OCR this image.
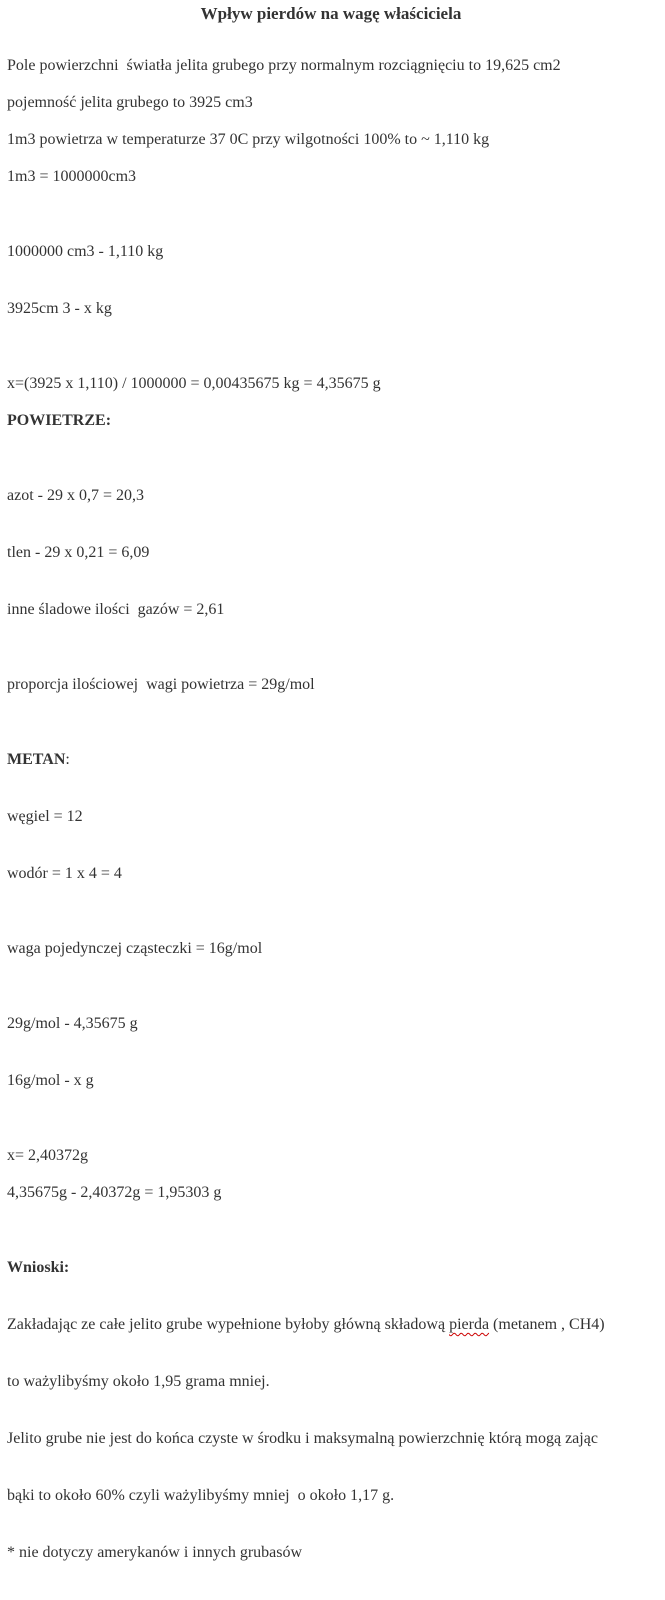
Wpływ pierdów na wagę właściciela

Pole powierzchni  światła jelita grubego przy normalnym rozciągnięciu to 19,625 cm2

pojemność jelita grubego to 3925 cm3

1m3 powietrza w temperaturze 37 0C przy wilgotności 100% to ~ 1,110 kg

1m3 = 1000000cm3

1000000 cm3 - 1,110 kg

3925cm 3 - x kg

x=(3925 x 1,110) / 1000000 = 0,00435675 kg = 4,35675 g

POWIETRZE:

azot - 29 x 0,7 = 20,3

tlen - 29 x 0,21 = 6,09

inne śladowe ilości  gazów = 2,61

proporcja ilościowej  wagi powietrza = 29g/mol

METAN:

węgiel = 12

wodór = 1 x 4 = 4

waga pojedynczej cząsteczki = 16g/mol

29g/mol - 4,35675 g

16g/mol - x g

x= 2,40372g

4,35675g - 2,40372g = 1,95303 g

Wnioski:

Zakładając ze całe jelito grube wypełnione byłoby główną składową pierda (metanem , CH4)

to ważylibyśmy około 1,95 grama mniej.

Jelito grube nie jest do końca czyste w środku i maksymalną powierzchnię którą mogą zając

bąki to około 60% czyli ważylibyśmy mniej  o około 1,17 g.

* nie dotyczy amerykanów i innych grubasów
